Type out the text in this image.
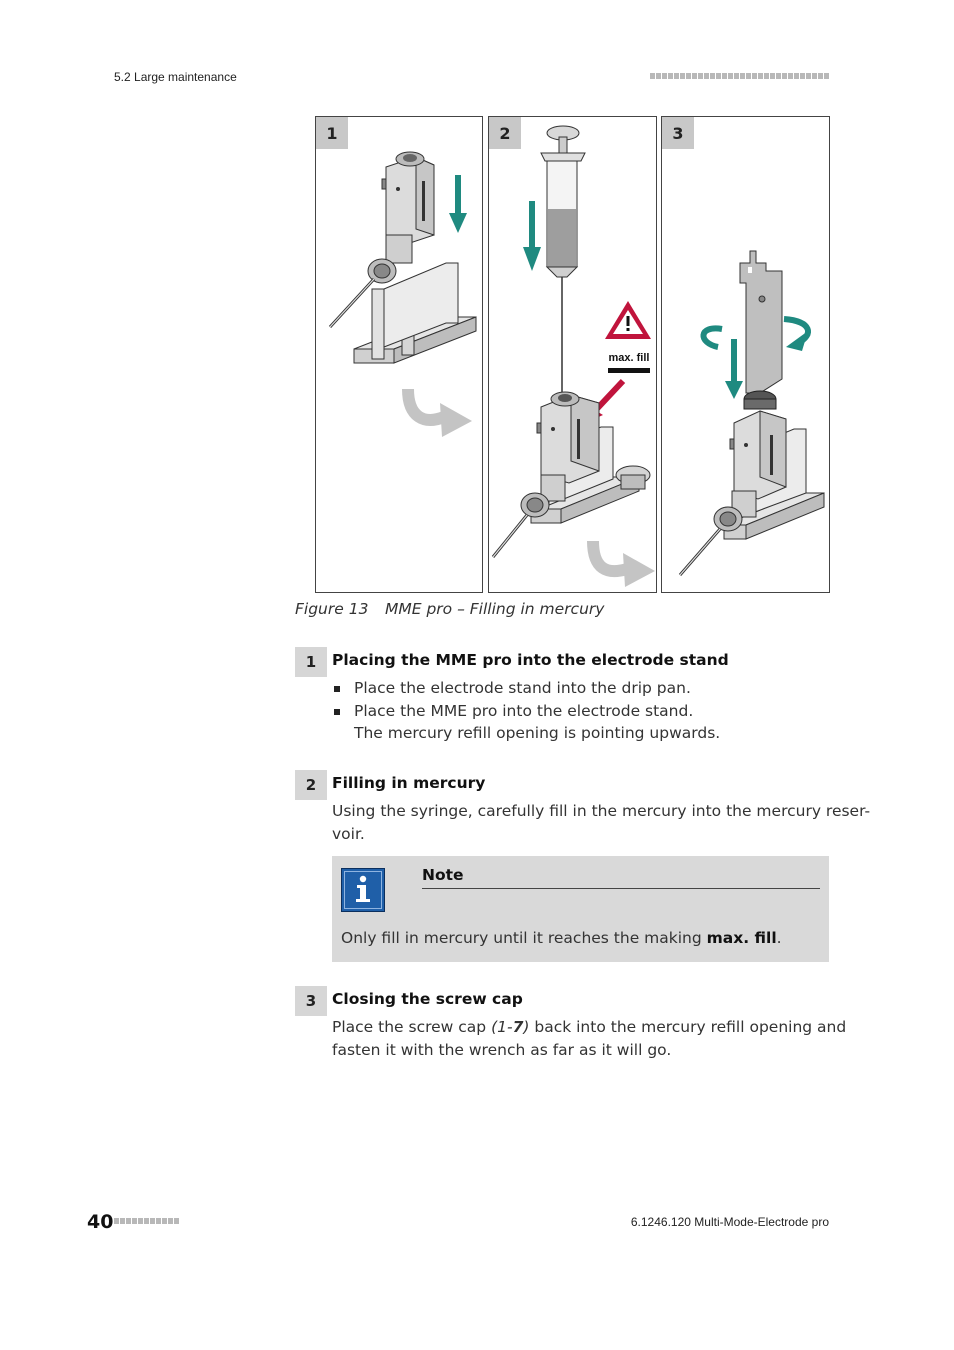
5.2 Large maintenance
1
max. fill
2	3
Figure 13 MME pro – Filling in mercury
1	Placing the MME pro into the electrode stand
Place the electrode stand into the drip pan.
Place the MME pro into the electrode stand.
The mercury refill opening is pointing upwards.
2	Filling in mercury
Using the syringe, carefully fill in the mercury into the mercury reser-
voir.
Note
Only fill in mercury until it reaches the making max. fill.
3	Closing the screw cap
Place the screw cap (1-7) back into the mercury refill opening and
fasten it with the wrench as far as it will go.
40	6.1246.120 Multi-Mode-Electrode pro
